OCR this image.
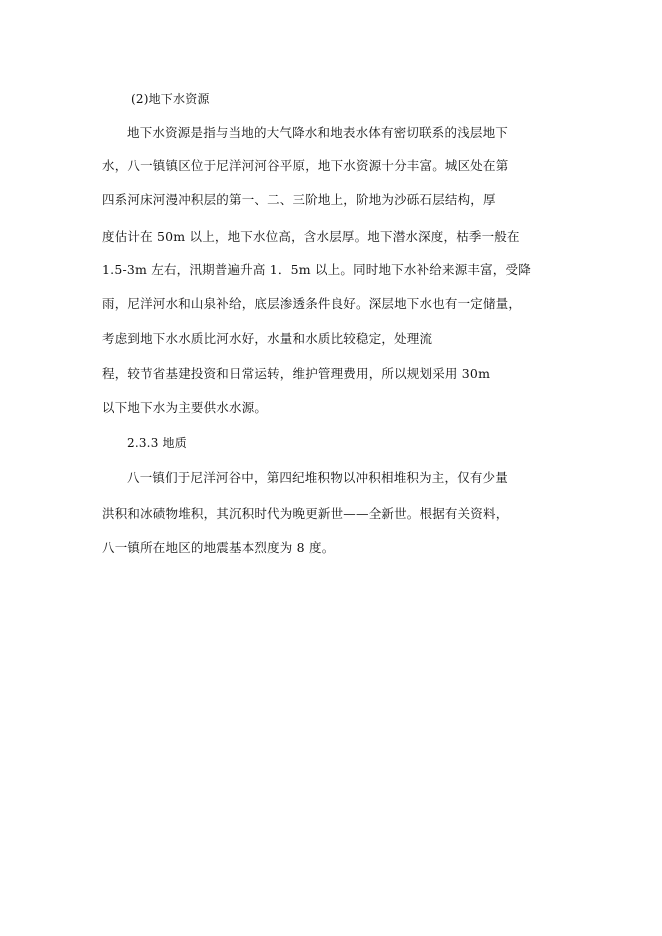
(2)地下水资源
地下水资源是指与当地的大气降水和地表水体有密切联系的浅层地下
水，八一镇镇区位于尼洋河河谷平原，地下水资源十分丰富。城区处在第
四系河床河漫冲积层的第一、二、三阶地上，阶地为沙砾石层结构，厚
度估计在 50m 以上，地下水位高，含水层厚。地下潜水深度，枯季一般在
1.5-3m 左右，汛期普遍升高 1．5m 以上。同时地下水补给来源丰富，受降
雨，尼洋河水和山泉补给，底层渗透条件良好。深层地下水也有一定储量，
考虑到地下水水质比河水好，水量和水质比较稳定，处理流
程，较节省基建投资和日常运转，维护管理费用，所以规划采用 30m
以下地下水为主要供水水源。
2.3.3 地质
八一镇们于尼洋河谷中，第四纪堆积物以冲积相堆积为主，仅有少量
洪积和冰碛物堆积，其沉积时代为晚更新世——全新世。根据有关资料，
八一镇所在地区的地震基本烈度为 8 度。
